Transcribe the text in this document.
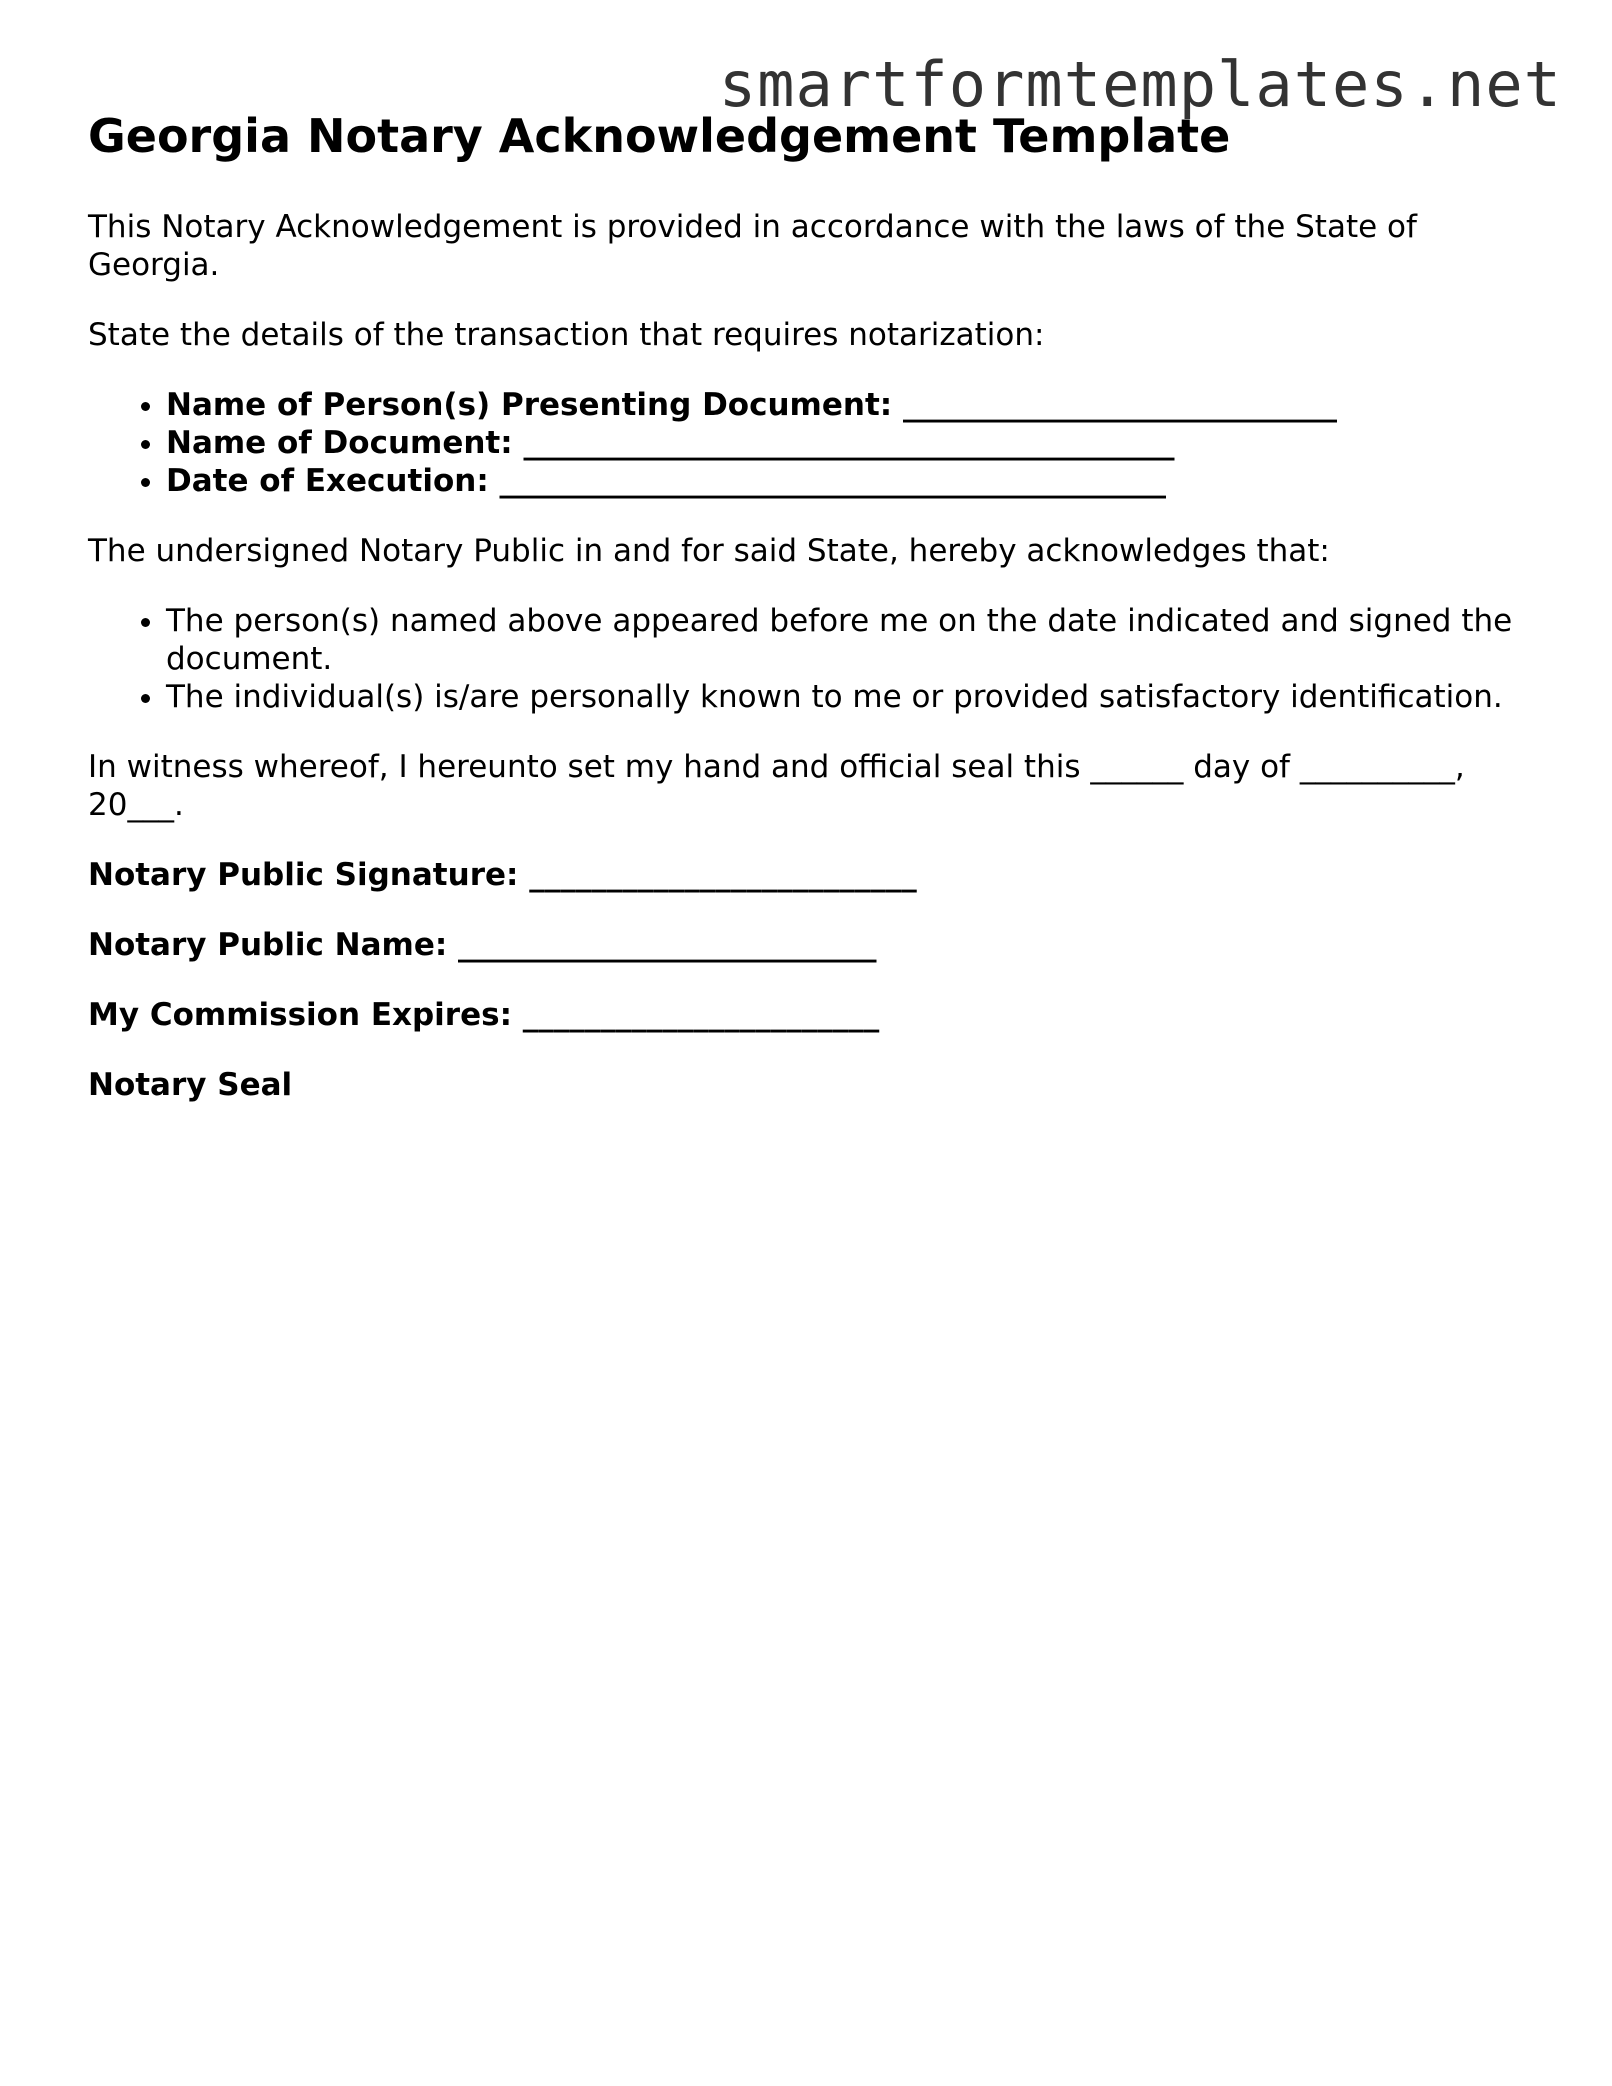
smartformtemplates.net
Georgia Notary Acknowledgement Template

This Notary Acknowledgement is provided in accordance with the laws of the State of Georgia.

State the details of the transaction that requires notarization:

• Name of Person(s) Presenting Document: ____________________________
• Name of Document: __________________________________________
• Date of Execution: ___________________________________________

The undersigned Notary Public in and for said State, hereby acknowledges that:

• The person(s) named above appeared before me on the date indicated and signed the document.
• The individual(s) is/are personally known to me or provided satisfactory identification.

In witness whereof, I hereunto set my hand and official seal this ______ day of __________, 20___.

Notary Public Signature: _________________________
Notary Public Name: ___________________________
My Commission Expires: _______________________
Notary Seal
